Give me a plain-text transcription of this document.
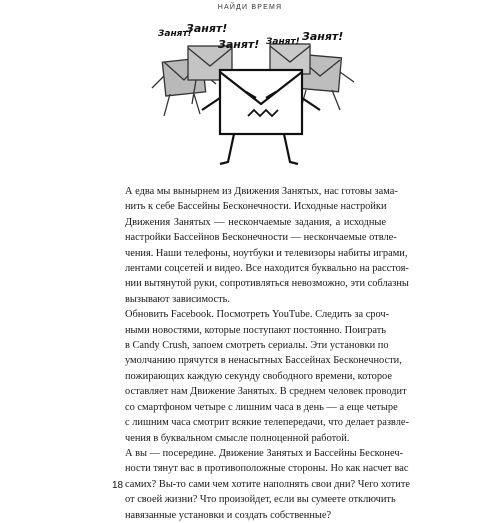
НАЙДИ ВРЕМЯ
Занят!
Занят!
Занят! Занят! Занят!

А едва мы вынырнем из Движения Занятых, нас готовы зама-
нить к себе Бассейны Бесконечности. Исходные настройки
Движения Занятых — нескончаемые задания, а исходные
настройки Бассейнов Бесконечности — нескончаемые отвле-
чения. Наши телефоны, ноутбуки и телевизоры набиты играми,
лентами соцсетей и видео. Все находится буквально на расстоя-
нии вытянутой руки, сопротивляться невозможно, эти соблазны
вызывают зависимость.

Обновить Facebook. Посмотреть YouTube. Следить за сроч-
ными новостями, которые поступают постоянно. Поиграть
в Candy Crush, запоем смотреть сериалы. Эти установки по
умолчанию прячутся в ненасытных Бассейнах Бесконечности,
пожирающих каждую секунду свободного времени, которое
оставляет нам Движение Занятых. В среднем человек проводит
со смартфоном четыре с лишним часа в день — а еще четыре
с лишним часа смотрит всякие телепередачи, что делает развле-
чения в буквальном смысле полноценной работой.

А вы — посередине. Движение Занятых и Бассейны Бесконеч-
ности тянут вас в противоположные стороны. Но как насчет вас
самих? Вы-то сами чем хотите наполнять свои дни? Чего хотите
от своей жизни? Что произойдет, если вы сумеете отключить
навязанные установки и создать собственные?

18
